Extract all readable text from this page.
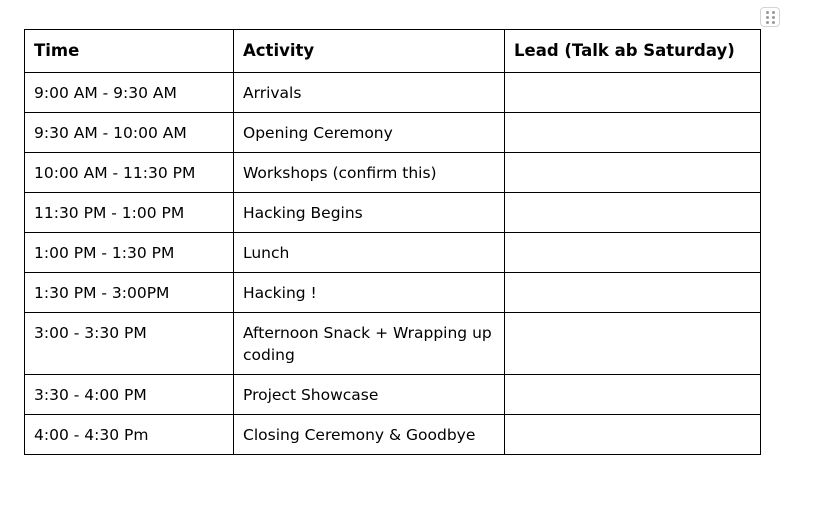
Time	Activity	Lead (Talk ab Saturday)
9:00 AM - 9:30 AM	Arrivals	
9:30 AM - 10:00 AM	Opening Ceremony	
10:00 AM - 11:30 PM	Workshops (confirm this)	
11:30 PM - 1:00 PM	Hacking Begins	
1:00 PM - 1:30 PM	Lunch	
1:30 PM - 3:00PM	Hacking !	
3:00 - 3:30 PM	Afternoon Snack + Wrapping up coding	
3:30 - 4:00 PM	Project Showcase	
4:00 - 4:30 Pm	Closing Ceremony & Goodbye	
